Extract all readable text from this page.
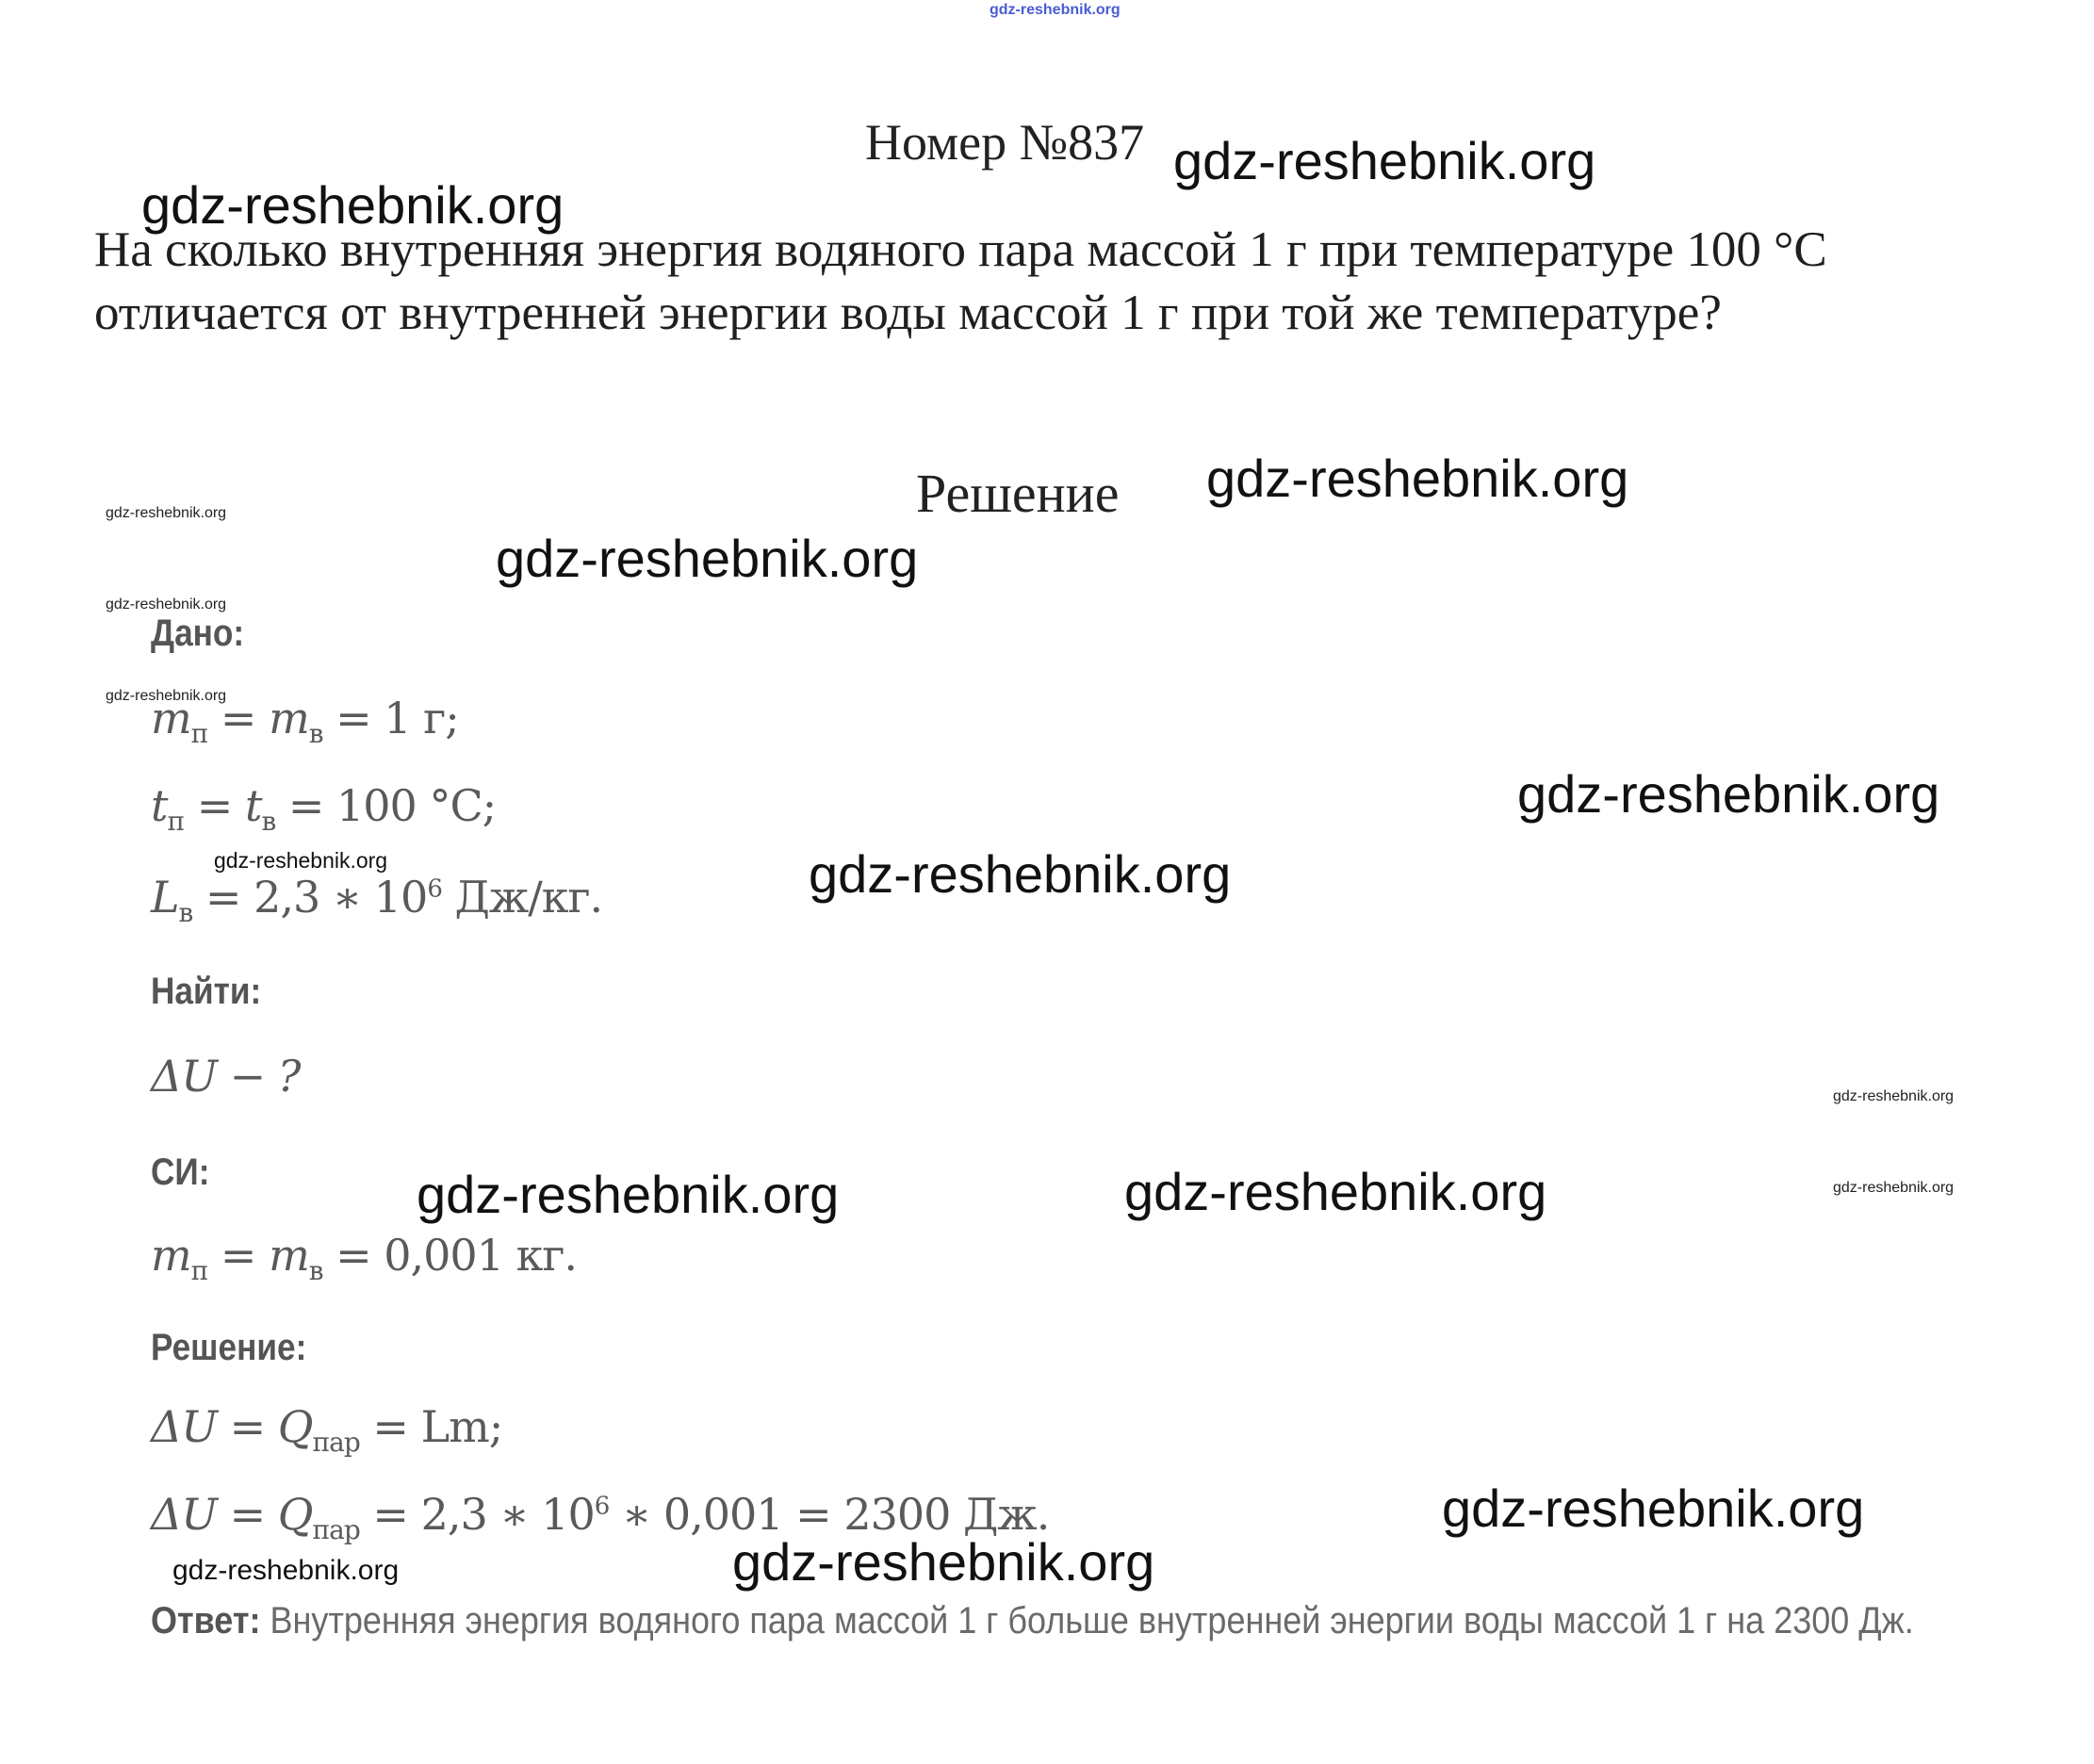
gdz-reshebnik.org
Номер №837
На сколько внутренняя энергия водяного пара массой 1 г при температуре 100 °С отличается от внутренней энергии воды массой 1 г при той же температуре?
Решение
Дано:
$m_п = m_в = 1$ г;
$t_п = t_в = 100$ °С;
$L_в = 2,3$ ∗ $10^6$ Дж/кг.
Найти:
ΔU − ?
СИ:
$m_п = m_в = 0,001$ кг.
Решение:
$\Delta U = Q_{пар} = Lm$;
$\Delta U = Q_{пар} = 2,3$ ∗ $10^6$ ∗ 0,001 = 2300 Дж.
Ответ: Внутренняя энергия водяного пара массой 1 г больше внутренней энергии воды массой 1 г на 2300 Дж.
gdz-reshebnik.org
gdz-reshebnik.org
gdz-reshebnik.org
gdz-reshebnik.org
gdz-reshebnik.org
gdz-reshebnik.org
gdz-reshebnik.org	gdz-reshebnik.org
gdz-reshebnik.org
gdz-reshebnik.org
gdz-reshebnik.org
gdz-reshebnik.org
gdz-reshebnik.org
gdz-reshebnik.org
gdz-reshebnik.org
gdz-reshebnik.org
gdz-reshebnik.org
